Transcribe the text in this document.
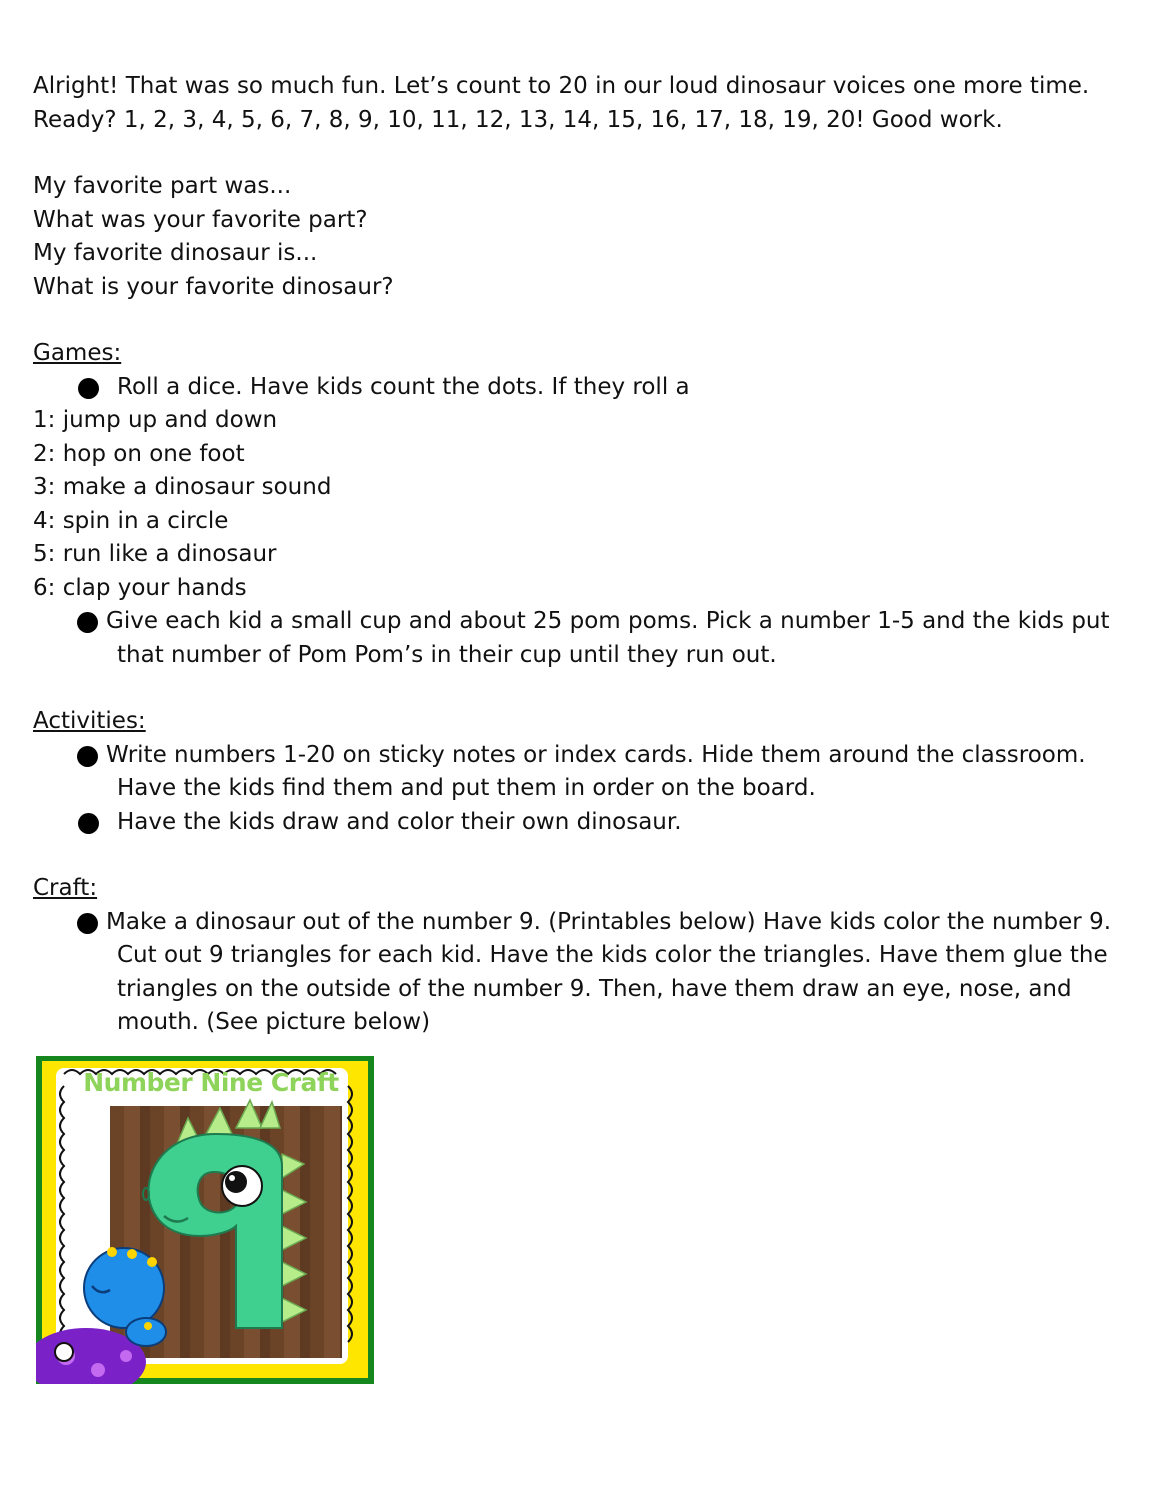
Alright! That was so much fun. Let’s count to 20 in our loud dinosaur voices one more time.

Ready? 1, 2, 3, 4, 5, 6, 7, 8, 9, 10, 11, 12, 13, 14, 15, 16, 17, 18, 19, 20! Good work.

My favorite part was...

What was your favorite part?

My favorite dinosaur is...

What is your favorite dinosaur?

Games:

Roll a dice. Have kids count the dots. If they roll a

1: jump up and down

2: hop on one foot

3: make a dinosaur sound

4: spin in a circle

5: run like a dinosaur

6: clap your hands

Give each kid a small cup and about 25 pom poms. Pick a number 1-5 and the kids put
that number of Pom Pom’s in their cup until they run out.

Activities:

Write numbers 1-20 on sticky notes or index cards. Hide them around the classroom.
Have the kids find them and put them in order on the board.

Have the kids draw and color their own dinosaur.

Craft:

Make a dinosaur out of the number 9. (Printables below) Have kids color the number 9.
Cut out 9 triangles for each kid. Have the kids color the triangles. Have them glue the
triangles on the outside of the number 9. Then, have them draw an eye, nose, and
mouth. (See picture below)

Number Nine Craft
